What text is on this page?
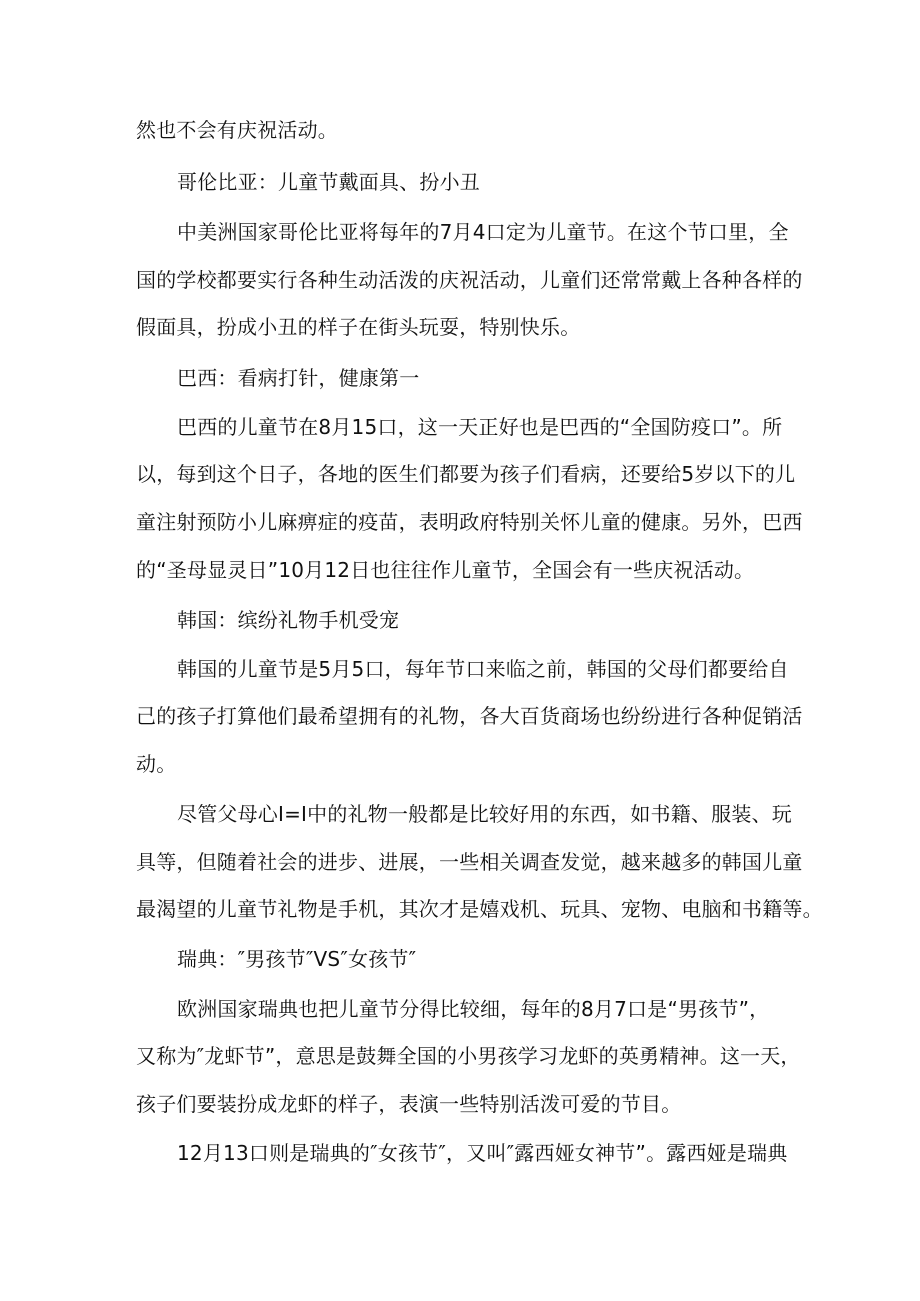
然也不会有庆祝活动。
哥伦比亚：儿童节戴面具、扮小丑
中美洲国家哥伦比亚将每年的7月4口定为儿童节。在这个节口里，全
国的学校都要实行各种生动活泼的庆祝活动，儿童们还常常戴上各种各样的
假面具，扮成小丑的样子在街头玩耍，特别快乐。
巴西：看病打针，健康第一
巴西的儿童节在8月15口，这一天正好也是巴西的“全国防疫口”。所
以，每到这个日子，各地的医生们都要为孩子们看病，还要给5岁以下的儿
童注射预防小儿麻痹症的疫苗，表明政府特别关怀儿童的健康。另外，巴西
的“圣母显灵日”10月12日也往往作儿童节，全国会有一些庆祝活动。
韩国：缤纷礼物手机受宠
韩国的儿童节是5月5口，每年节口来临之前，韩国的父母们都要给自
己的孩子打算他们最希望拥有的礼物，各大百货商场也纷纷进行各种促销活
动。
尽管父母心I=I中的礼物一般都是比较好用的东西，如书籍、服装、玩
具等，但随着社会的进步、进展，一些相关调查发觉，越来越多的韩国儿童
最渴望的儿童节礼物是手机，其次才是嬉戏机、玩具、宠物、电脑和书籍等。
瑞典：″男孩节″VS″女孩节″
欧洲国家瑞典也把儿童节分得比较细，每年的8月7口是“男孩节”，
又称为″龙虾节”，意思是鼓舞全国的小男孩学习龙虾的英勇精神。这一天，
孩子们要装扮成龙虾的样子，表演一些特别活泼可爱的节目。
12月13口则是瑞典的″女孩节″，又叫″露西娅女神节”。露西娅是瑞典
